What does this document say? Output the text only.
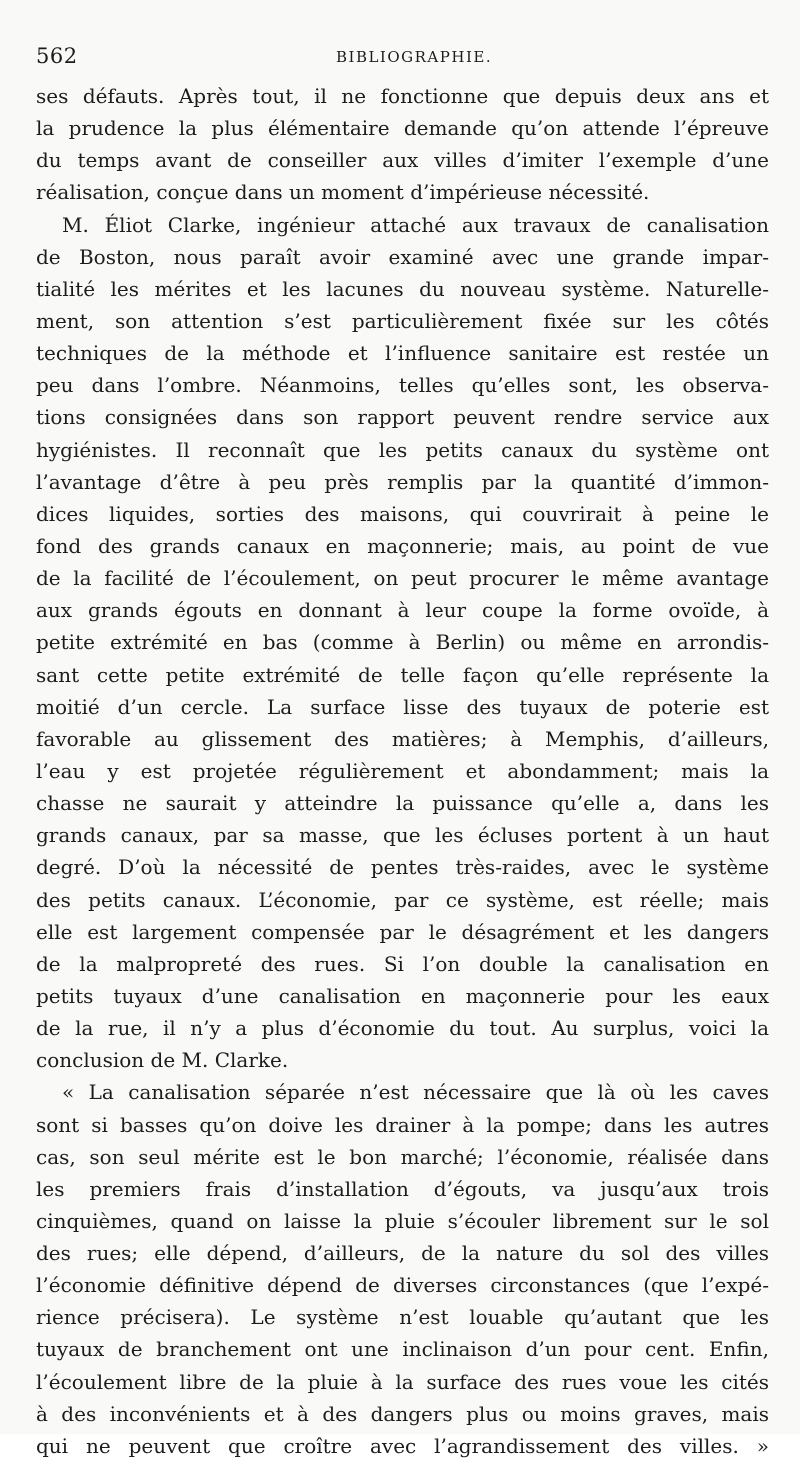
562	BIBLIOGRAPHIE.
ses défauts. Après tout, il ne fonctionne que depuis deux ans et
la prudence la plus élémentaire demande qu’on attende l’épreuve
du temps avant de conseiller aux villes d’imiter l’exemple d’une
réalisation, conçue dans un moment d’impérieuse nécessité.
M. Éliot Clarke, ingénieur attaché aux travaux de canalisation
de Boston, nous paraît avoir examiné avec une grande impar-
tialité les mérites et les lacunes du nouveau système. Naturelle-
ment, son attention s’est particulièrement fixée sur les côtés
techniques de la méthode et l’influence sanitaire est restée un
peu dans l’ombre. Néanmoins, telles qu’elles sont, les observa-
tions consignées dans son rapport peuvent rendre service aux
hygiénistes. Il reconnaît que les petits canaux du système ont
l’avantage d’être à peu près remplis par la quantité d’immon-
dices liquides, sorties des maisons, qui couvrirait à peine le
fond des grands canaux en maçonnerie; mais, au point de vue
de la facilité de l’écoulement, on peut procurer le même avantage
aux grands égouts en donnant à leur coupe la forme ovoïde, à
petite extrémité en bas (comme à Berlin) ou même en arrondis-
sant cette petite extrémité de telle façon qu’elle représente la
moitié d’un cercle. La surface lisse des tuyaux de poterie est
favorable au glissement des matières; à Memphis, d’ailleurs,
l’eau y est projetée régulièrement et abondamment; mais la
chasse ne saurait y atteindre la puissance qu’elle a, dans les
grands canaux, par sa masse, que les écluses portent à un haut
degré. D’où la nécessité de pentes très-raides, avec le système
des petits canaux. L’économie, par ce système, est réelle; mais
elle est largement compensée par le désagrément et les dangers
de la malpropreté des rues. Si l’on double la canalisation en
petits tuyaux d’une canalisation en maçonnerie pour les eaux
de la rue, il n’y a plus d’économie du tout. Au surplus, voici la
conclusion de M. Clarke.
« La canalisation séparée n’est nécessaire que là où les caves
sont si basses qu’on doive les drainer à la pompe; dans les autres
cas, son seul mérite est le bon marché; l’économie, réalisée dans
les premiers frais d’installation d’égouts, va jusqu’aux trois
cinquièmes, quand on laisse la pluie s’écouler librement sur le sol
des rues; elle dépend, d’ailleurs, de la nature du sol des villes
l’économie définitive dépend de diverses circonstances (que l’expé-
rience précisera). Le système n’est louable qu’autant que les
tuyaux de branchement ont une inclinaison d’un pour cent. Enfin,
l’écoulement libre de la pluie à la surface des rues voue les cités
à des inconvénients et à des dangers plus ou moins graves, mais
qui ne peuvent que croître avec l’agrandissement des villes. »
